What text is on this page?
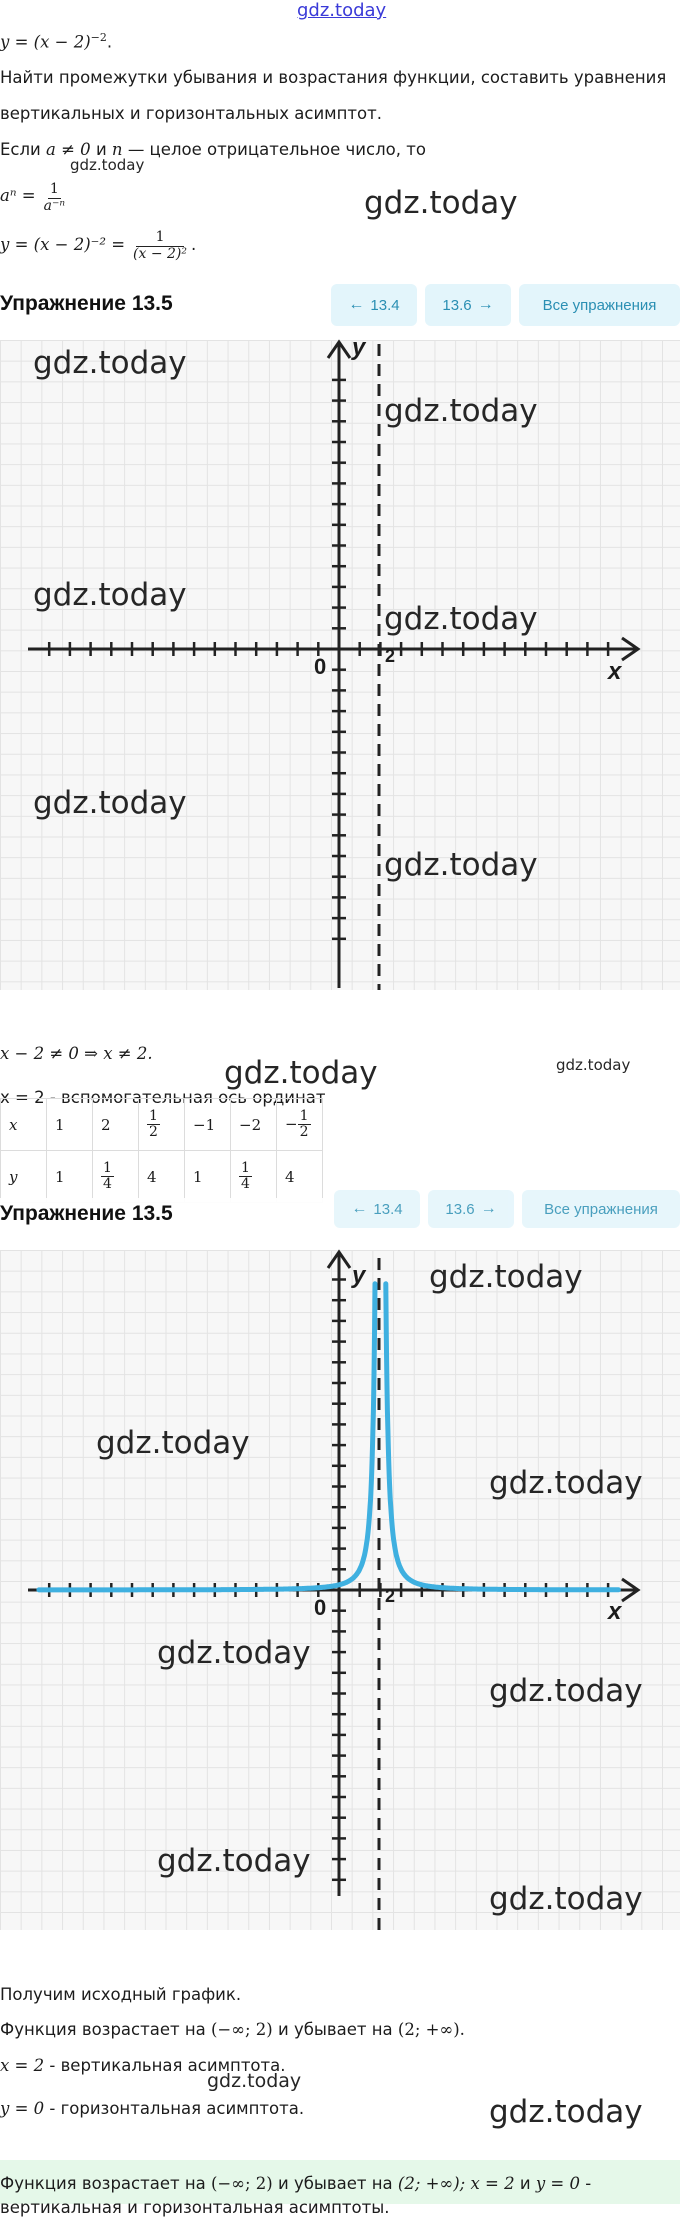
gdz.today
$y = (x - 2)^{-2}$.
Найти промежутки убывания и возрастания функции, составить уравнения
вертикальных и горизонтальных асимптот.
Если a ≠ 0 и n — целое отрицательное число, то
gdz.today
$a^n = \frac{1}{\text{a⁻ⁿ}}$	gdz.today
$y = (x - 2)^{-2} = \frac{1}{\text{(x − 2)²}}$ .
Упражнение 13.5	← 13.4	13.6 →	Все упражнения
y
x
0	2
gdz.today
gdz.today
gdz.today
gdz.today
gdz.today
gdz.today
x − 2 ≠ 0 ⇒ x ≠ 2.
gdz.today	gdz.today
x = 2 - вспомогательная ось ординат
x	1	2	$\frac{1}{2}$	−1	−2	− $\frac{1}{2}$

y	1	$\frac{1}{4}$	4	1	$\frac{1}{4}$	4
Упражнение 13.5	← 13.4	13.6 →	Все упражнения
y
x
0	2
gdz.today
gdz.today
gdz.today
gdz.today
gdz.today
gdz.today
gdz.today
Получим исходный график.
Функция возрастает на (−∞; 2) и убывает на (2; +∞).
x = 2 - вертикальная асимптота.
gdz.today
y = 0 - горизонтальная асимптота.
Функция возрастает на (−∞; 2) и убывает на (2; +∞); x = 2 и y = 0 -
gdz.today
вертикальная и горизонтальная асимптоты.
